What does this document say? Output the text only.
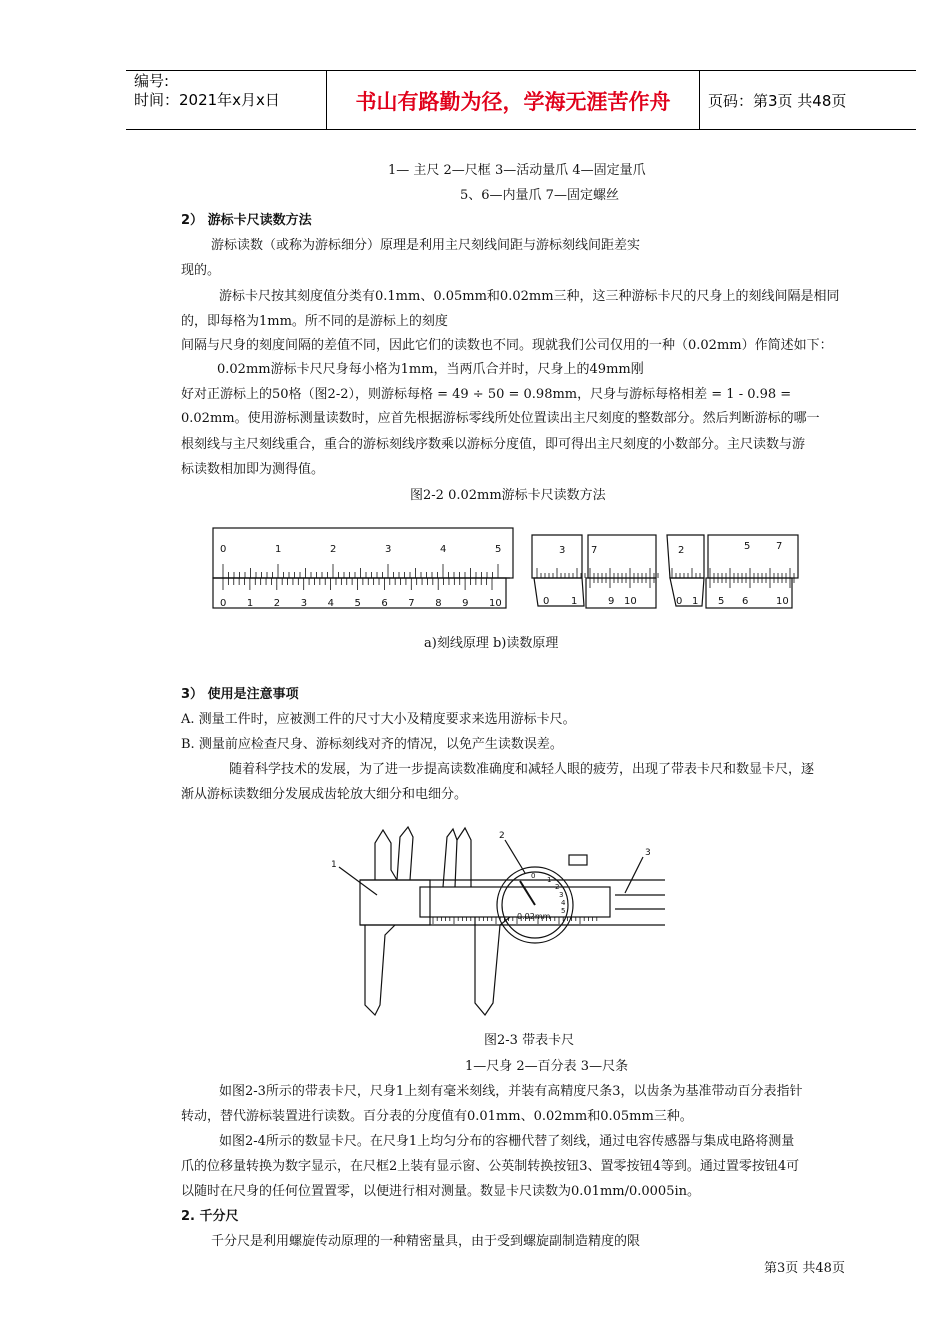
编号:
时间：2021年x月x日	书山有路勤为径，学海无涯苦作舟	页码：第3页 共48页
1— 主尺 2—尺框 3—活动量爪 4—固定量爪
5、6—内量爪 7—固定螺丝
2） 游标卡尺读数方法
游标读数（或称为游标细分）原理是利用主尺刻线间距与游标刻线间距差实
现的。
游标卡尺按其刻度值分类有0.1mm、0.05mm和0.02mm三种，这三种游标卡尺的尺身上的刻线间隔是相同
的，即每格为1mm。所不同的是游标上的刻度
间隔与尺身的刻度间隔的差值不同，因此它们的读数也不同。现就我们公司仅用的一种（0.02mm）作简述如下：
0.02mm游标卡尺尺身每小格为1mm，当两爪合并时，尺身上的49mm刚
好对正游标上的50格（图2-2），则游标每格 = 49 ÷ 50 = 0.98mm，尺身与游标每格相差 = 1 - 0.98 =
0.02mm。使用游标测量读数时，应首先根据游标零线所处位置读出主尺刻度的整数部分。然后判断游标的哪一
根刻线与主尺刻线重合，重合的游标刻线序数乘以游标分度值，即可得出主尺刻度的小数部分。主尺读数与游
标读数相加即为测得值。
图2-2 0.02mm游标卡尺读数方法
0	1	2	3	4	5
0 1 2 3 4 5 6 7 8 9 10
3	7
0 1	9 10
2	5	7
0 1 5 6	10
a)刻线原理 b)读数原理
3） 使用是注意事项
A. 测量工件时，应被测工件的尺寸大小及精度要求来选用游标卡尺。
B. 测量前应检查尺身、游标刻线对齐的情况，以免产生读数误差。
随着科学技术的发展，为了进一步提高读数准确度和减轻人眼的疲劳，出现了带表卡尺和数显卡尺，逐
渐从游标读数细分发展成齿轮放大细分和电细分。
1
2
3
0.02mm
0 1
2
3
4
5
图2-3 带表卡尺
1—尺身 2—百分表 3—尺条
如图2-3所示的带表卡尺，尺身1上刻有毫米刻线，并装有高精度尺条3，以齿条为基准带动百分表指针
转动，替代游标装置进行读数。百分表的分度值有0.01mm、0.02mm和0.05mm三种。
如图2-4所示的数显卡尺。在尺身1上均匀分布的容栅代替了刻线，通过电容传感器与集成电路将测量
爪的位移量转换为数字显示，在尺框2上装有显示窗、公英制转换按钮3、置零按钮4等到。通过置零按钮4可
以随时在尺身的任何位置置零，以便进行相对测量。数显卡尺读数为0.01mm/0.0005in。
2. 千分尺
千分尺是利用螺旋传动原理的一种精密量具，由于受到螺旋副制造精度的限
第3页 共48页
